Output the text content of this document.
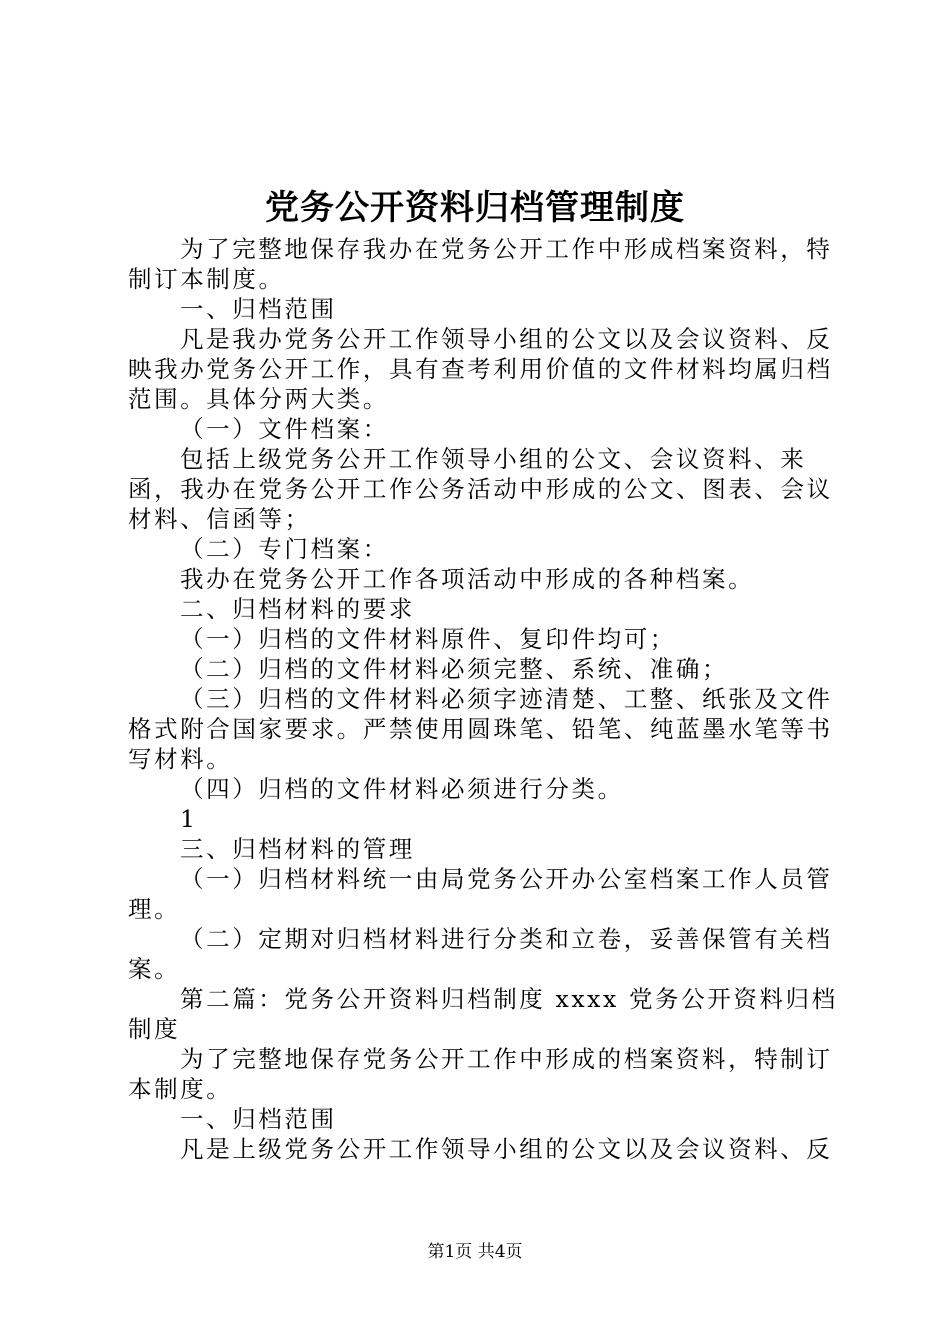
党务公开资料归档管理制度

为了完整地保存我办在党务公开工作中形成档案资料，特制订本制度。

一、归档范围

凡是我办党务公开工作领导小组的公文以及会议资料、反映我办党务公开工作，具有查考利用价值的文件材料均属归档范围。具体分两大类。

（一）文件档案：

包括上级党务公开工作领导小组的公文、会议资料、来函，我办在党务公开工作公务活动中形成的公文、图表、会议材料、信函等；

（二）专门档案：

我办在党务公开工作各项活动中形成的各种档案。

二、归档材料的要求

（一）归档的文件材料原件、复印件均可；

（二）归档的文件材料必须完整、系统、准确；

（三）归档的文件材料必须字迹清楚、工整、纸张及文件格式附合国家要求。严禁使用圆珠笔、铅笔、纯蓝墨水笔等书写材料。

（四）归档的文件材料必须进行分类。

1

三、归档材料的管理

（一）归档材料统一由局党务公开办公室档案工作人员管理。

（二）定期对归档材料进行分类和立卷，妥善保管有关档案。

第二篇：党务公开资料归档制度 xxxx 党务公开资料归档制度

为了完整地保存党务公开工作中形成的档案资料，特制订本制度。

一、归档范围

凡是上级党务公开工作领导小组的公文以及会议资料、反

第1页 共4页
